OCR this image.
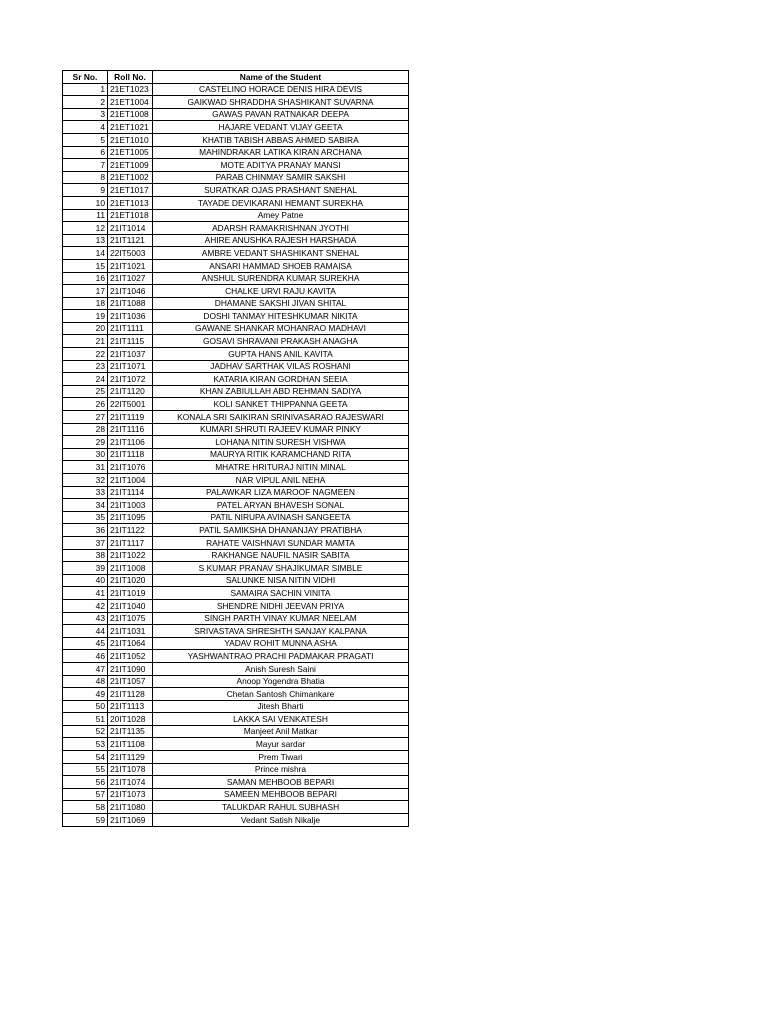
Sr No.	Roll No.	Name of the Student
1	21ET1023	CASTELINO HORACE DENIS HIRA DEVIS
2	21ET1004	GAIKWAD SHRADDHA SHASHIKANT SUVARNA
3	21ET1008	GAWAS PAVAN RATNAKAR DEEPA
4	21ET1021	HAJARE VEDANT VIJAY GEETA
5	21ET1010	KHATIB TABISH ABBAS AHMED SABIRA
6	21ET1005	MAHINDRAKAR LATIKA KIRAN ARCHANA
7	21ET1009	MOTE ADITYA PRANAY MANSI
8	21ET1002	PARAB CHINMAY SAMIR SAKSHI
9	21ET1017	SURATKAR OJAS PRASHANT SNEHAL
10	21ET1013	TAYADE DEVIKARANI HEMANT SUREKHA
11	21ET1018	Amey Patne
12	21IT1014	ADARSH RAMAKRISHNAN JYOTHI
13	21IT1121	AHIRE ANUSHKA RAJESH HARSHADA
14	22IT5003	AMBRE VEDANT SHASHIKANT SNEHAL
15	21IT1021	ANSARI HAMMAD SHOEB RAMAISA
16	21IT1027	ANSHUL SURENDRA KUMAR SUREKHA
17	21IT1046	CHALKE URVI RAJU KAVITA
18	21IT1088	DHAMANE SAKSHI JIVAN SHITAL
19	21IT1036	DOSHI TANMAY HITESHKUMAR NIKITA
20	21IT1111	GAWANE SHANKAR MOHANRAO MADHAVI
21	21IT1115	GOSAVI SHRAVANI PRAKASH ANAGHA
22	21IT1037	GUPTA HANS ANIL KAVITA
23	21IT1071	JADHAV SARTHAK VILAS ROSHANI
24	21IT1072	KATARIA KIRAN GORDHAN SEEIA
25	21IT1120	KHAN ZABIULLAH ABD REHMAN SADIYA
26	22IT5001	KOLI SANKET THIPPANNA GEETA
27	21IT1119	KONALA SRI SAIKIRAN SRINIVASARAO RAJESWARI
28	21IT1116	KUMARI SHRUTI RAJEEV KUMAR PINKY
29	21IT1106	LOHANA NITIN SURESH VISHWA
30	21IT1118	MAURYA RITIK KARAMCHAND RITA
31	21IT1076	MHATRE HRITURAJ NITIN MINAL
32	21IT1004	NAR VIPUL ANIL NEHA
33	21IT1114	PALAWKAR LIZA MAROOF NAGMEEN
34	21IT1003	PATEL ARYAN BHAVESH SONAL
35	21IT1095	PATIL NIRUPA AVINASH SANGEETA
36	21IT1122	PATIL SAMIKSHA DHANANJAY PRATIBHA
37	21IT1117	RAHATE VAISHNAVI SUNDAR MAMTA
38	21IT1022	RAKHANGE NAUFIL NASIR SABITA
39	21IT1008	S KUMAR PRANAV SHAJIKUMAR SIMBLE
40	21IT1020	SALUNKE NISA NITIN VIDHI
41	21IT1019	SAMAIRA SACHIN VINITA
42	21IT1040	SHENDRE NIDHI JEEVAN PRIYA
43	21IT1075	SINGH PARTH VINAY KUMAR NEELAM
44	21IT1031	SRIVASTAVA SHRESHTH SANJAY KALPANA
45	21IT1064	YADAV ROHIT MUNNA ASHA
46	21IT1052	YASHWANTRAO PRACHI PADMAKAR PRAGATI
47	21IT1090	Anish Suresh Saini
48	21IT1057	Anoop Yogendra Bhatia
49	21IT1128	Chetan Santosh Chimankare
50	21IT1113	Jitesh Bharti
51	20IT1028	LAKKA SAI VENKATESH
52	21IT1135	Manjeet Anil Matkar
53	21IT1108	Mayur sardar
54	21IT1129	Prem Tiwari
55	21IT1078	Prince mishra
56	21IT1074	SAMAN MEHBOOB BEPARI
57	21IT1073	SAMEEN MEHBOOB BEPARI
58	21IT1080	TALUKDAR RAHUL SUBHASH
59	21IT1069	Vedant Satish Nikalje
